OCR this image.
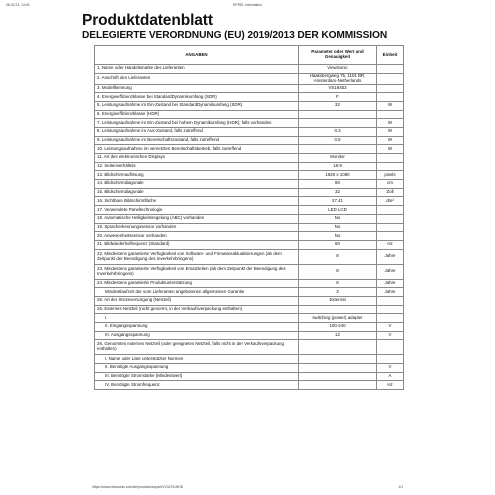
06.02.23, 14:40	EPREL Information
Produktdatenblatt
DELEGIERTE VERORDNUNG (EU) 2019/2013 DER KOMMISSION
ANGABEN	Parameter oder Wert und Genauigkeit	Einheit
1. Name oder Handelsmarke des Lieferanten	ViewSonic	
2. Anschrift des Lieferanten	Haaksbergweg 75, 1101 BR, Amsterdam-Netherlands	
3. Modellkennung	VS18453	
4. Energieeffizienzklasse bei StandardDynamikumfang (SDR)	F	
5. Leistungsaufnahme im Ein-Zustand bei StandardDynamikumfang (SDR)	32	W
6. Energieeffizienzklasse (HDR)		
7. Leistungsaufnahme im Ein-Zustand bei hohem Dynamikumfang (HDR), falls vorhanden		W
8. Leistungsaufnahme im Aus-Zustand, falls zutreffend	0.3	W
9. Leistungsaufnahme im Bereitschaftszustand, falls zutreffend	0.5	W
10. Leistungsaufnahme im vernetzten Bereitschaftsbetrieb, falls zutreffend		W
11. Art des elektronischen Displays	Monitor	
12. Seitenverhältnis	16:9	
13. Bildschirmauflösung	1920 x 1080	pixels
14. Bildschirmdiagonale	80	cm
15. Bildschirmdiagonale	32	Zoll
16. Sichtbare Bildschirmfläche	27.41	dm²
17. Verwendete Paneltechnologie	LED LCD	
18. Automatische Helligkeitsregelung (ABC) vorhanden	No	
19. Spracherkennungssensor vorhanden	No	
20. Anwesenheitssensor vorhanden	No	
21. Bildwiederholfrequenz (Standard)	60	Hz
22. Mindestens garantierte Verfügbarkeit von Software- und Firmwareaktualisierungen (ab dem Zeitpunkt der Beendigung des Inverkehrbringens)	8	Jahre
23. Mindestens garantierte Verfügbarkeit von Ersatzteilen (ab dem Zeitpunkt der Beendigung des Inverkehrbringens)	8	Jahre
24. Mindestens garantierte Produktunterstützung	8	Jahre
Mindestlaufzeit der vom Lieferanten angebotenen allgemeinen Garantie	3	Jahre
25. Art der Stromversorgung (Netzteil)	External	
26. Externes Netzteil (nicht genormt, in der Verkaufsverpackung enthalten)		
I.	switching (power) adapter	
II. Eingangsspannung	100-240	V
III. Ausgangsspannung	12	V
26. Genormtes externes Netzteil (oder geeignetes Netzteil, falls nicht in der Verkaufsverpackung enthalten)		
I. Name oder Liste unterstützter Normen		
II. Benötigte Ausgangsspannung		V
III. Benötigte Stromstärke (Mindestwert)		A
IV. Benötigte Stromfrequenz		Hz
https://www.viewsonic.com/de/products/export/VX3276-MHD	1/1
